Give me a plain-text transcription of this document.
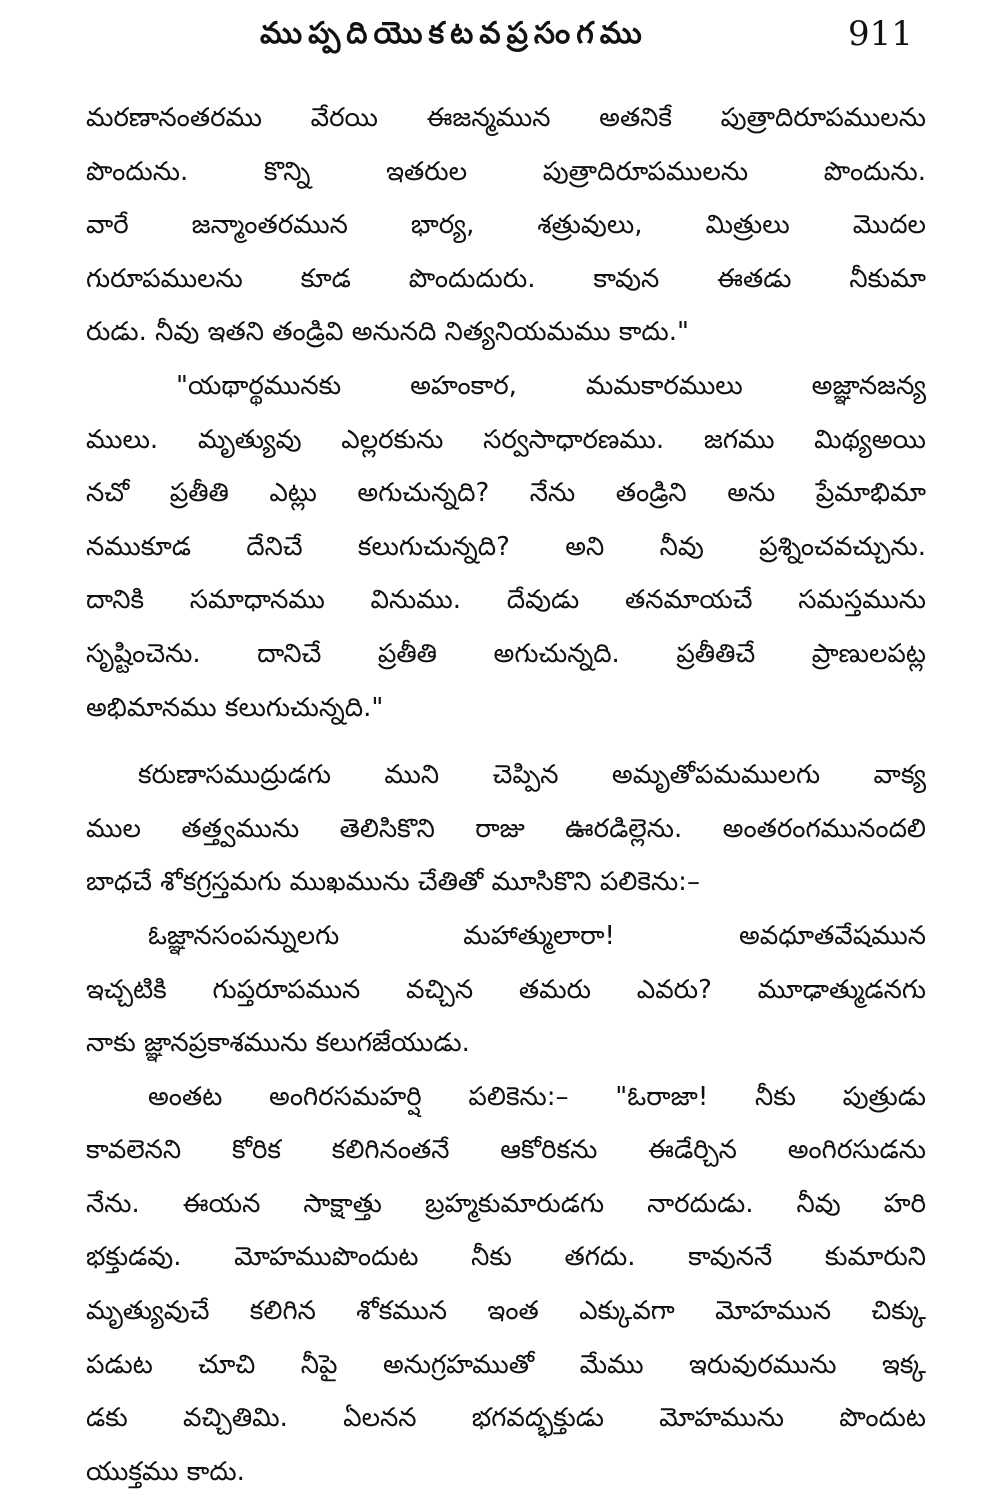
ముప్పదియొకటవప్రసంగము	911
మరణానంతరము వేరయి ఈజన్మమున అతనికే పుత్రాదిరూపములను
పొందును. కొన్ని ఇతరుల పుత్రాదిరూపములను పొందును.
వారే జన్మాంతరమున భార్య, శత్రువులు, మిత్రులు మొదల
గురూపములను కూడ పొందుదురు. కావున ఈతడు నీకుమా
రుడు. నీవు ఇతని తండ్రివి అనునది నిత్యనియమము కాదు."
"యథార్థమునకు అహంకార, మమకారములు అజ్ఞానజన్య
ములు. మృత్యువు ఎల్లరకును సర్వసాధారణము. జగము మిథ్యఅయి
నచో ప్రతీతి ఎట్లు అగుచున్నది? నేను తండ్రిని అను ప్రేమాభిమా
నముకూడ దేనిచే కలుగుచున్నది? అని నీవు ప్రశ్నించవచ్చును.
దానికి సమాధానము వినుము. దేవుడు తనమాయచే సమస్తమును
సృష్టించెను. దానిచే ప్రతీతి అగుచున్నది. ప్రతీతిచే ప్రాణులపట్ల
అభిమానము కలుగుచున్నది."
కరుణాసముద్రుడగు ముని చెప్పిన అమృతోపమములగు వాక్య
ముల తత్త్వమును తెలిసికొని రాజు ఊరడిల్లెను. అంతరంగమునందలి
బాధచే శోకగ్రస్తమగు ముఖమును చేతితో మూసికొని పలికెను:–
ఓజ్ఞానసంపన్నులగు మహాత్ములారా! అవధూతవేషమున
ఇచ్చటికి గుప్తరూపమున వచ్చిన తమరు ఎవరు? మూఢాత్ముడనగు
నాకు జ్ఞానప్రకాశమును కలుగజేయుడు.
అంతట అంగిరసమహర్షి పలికెను:– "ఓరాజా! నీకు పుత్రుడు
కావలెనని కోరిక కలిగినంతనే ఆకోరికను ఈడేర్చిన అంగిరసుడను
నేను. ఈయన సాక్షాత్తు బ్రహ్మకుమారుడగు నారదుడు. నీవు హరి
భక్తుడవు. మోహముపొందుట నీకు తగదు. కావుననే కుమారుని
మృత్యువుచే కలిగిన శోకమున ఇంత ఎక్కువగా మోహమున చిక్కు
పడుట చూచి నీపై అనుగ్రహముతో మేము ఇరువురమును ఇక్క
డకు వచ్చితిమి. ఏలనన భగవద్భక్తుడు మోహమును పొందుట
యుక్తము కాదు.
